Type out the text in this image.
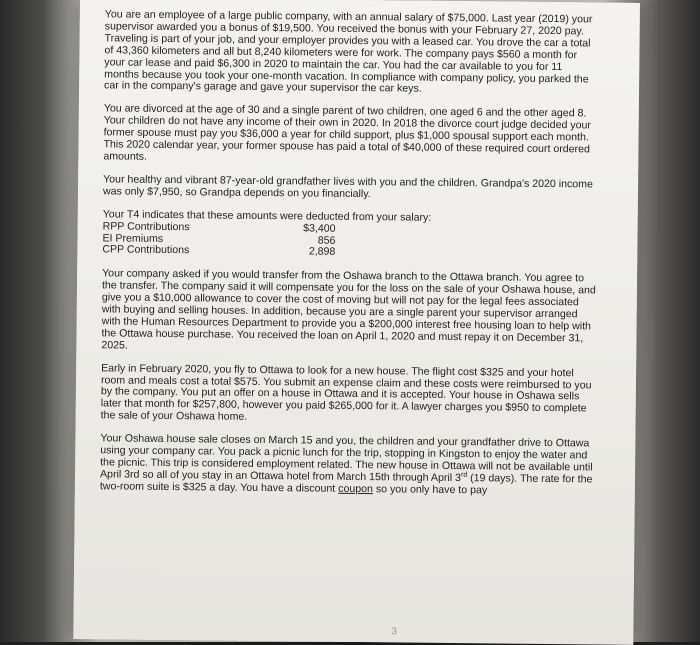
You are an employee of a large public company, with an annual salary of $75,000. Last year (2019) your supervisor awarded you a bonus of $19,500. You received the bonus with your February 27, 2020 pay. Traveling is part of your job, and your employer provides you with a leased car. You drove the car a total of 43,360 kilometers and all but 8,240 kilometers were for work. The company pays $560 a month for your car lease and paid $6,300 in 2020 to maintain the car. You had the car available to you for 11 months because you took your one-month vacation. In compliance with company policy, you parked the car in the company's garage and gave your supervisor the car keys.

You are divorced at the age of 30 and a single parent of two children, one aged 6 and the other aged 8. Your children do not have any income of their own in 2020. In 2018 the divorce court judge decided your former spouse must pay you $36,000 a year for child support, plus $1,000 spousal support each month. This 2020 calendar year, your former spouse has paid a total of $40,000 of these required court ordered amounts.

Your healthy and vibrant 87-year-old grandfather lives with you and the children. Grandpa's 2020 income was only $7,950, so Grandpa depends on you financially.

Your T4 indicates that these amounts were deducted from your salary:
RPP Contributions	$3,400
EI Premiums	856
CPP Contributions	2,898

Your company asked if you would transfer from the Oshawa branch to the Ottawa branch. You agree to the transfer. The company said it will compensate you for the loss on the sale of your Oshawa house, and give you a $10,000 allowance to cover the cost of moving but will not pay for the legal fees associated with buying and selling houses. In addition, because you are a single parent your supervisor arranged with the Human Resources Department to provide you a $200,000 interest free housing loan to help with the Ottawa house purchase. You received the loan on April 1, 2020 and must repay it on December 31, 2025.

Early in February 2020, you fly to Ottawa to look for a new house. The flight cost $325 and your hotel room and meals cost a total $575. You submit an expense claim and these costs were reimbursed to you by the company. You put an offer on a house in Ottawa and it is accepted. Your house in Oshawa sells later that month for $257,800, however you paid $265,000 for it. A lawyer charges you $950 to complete the sale of your Oshawa home.

Your Oshawa house sale closes on March 15 and you, the children and your grandfather drive to Ottawa using your company car. You pack a picnic lunch for the trip, stopping in Kingston to enjoy the water and the picnic. This trip is considered employment related. The new house in Ottawa will not be available until April 3rd so all of you stay in an Ottawa hotel from March 15th through April 3rd (19 days). The rate for the two-room suite is $325 a day. You have a discount coupon so you only have to pay

3
